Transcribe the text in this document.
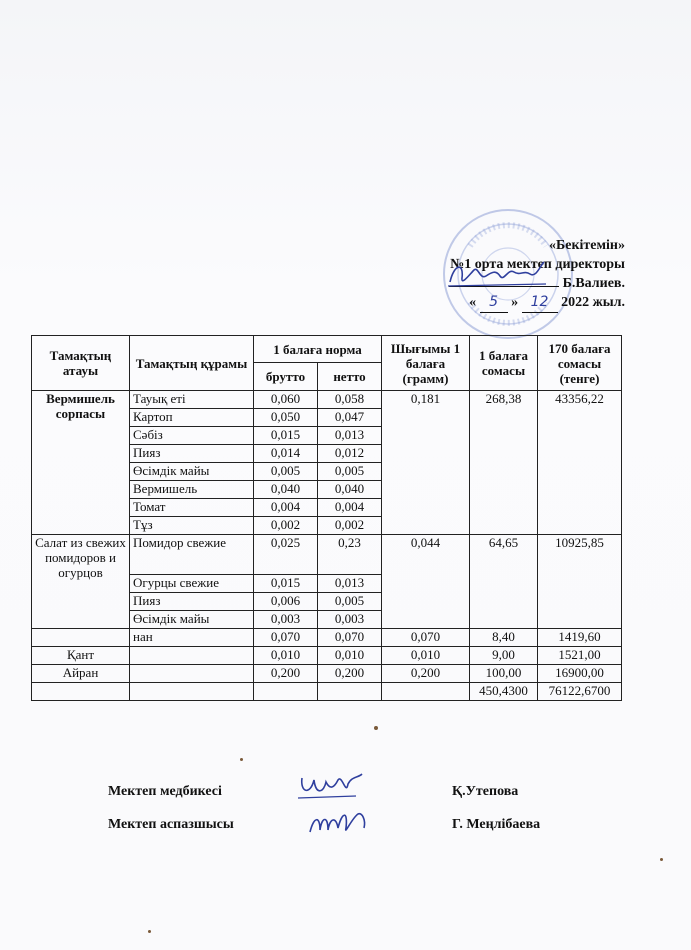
«Бекітемін»
№1 орта мектеп директоры
Б.Валиев.
« 5 » 12 2022 жыл.
Тамақтың атауы	Тамақтың құрамы	1 балаға норма		Шығымы 1 балаға (грамм)	1 балаға сомасы	170 балаға сомасы (тенге)
		брутто	нетто			
Вермишель сорпасы	Тауық еті	0,060	0,058	0,181	268,38	43356,22
	Картоп	0,050	0,047			
	Сәбіз	0,015	0,013			
	Пияз	0,014	0,012			
	Өсімдік майы	0,005	0,005			
	Вермишель	0,040	0,040			
	Томат	0,004	0,004			
	Тұз	0,002	0,002			
Салат из свежих помидоров и огурцов	Помидор свежие	0,025	0,23	0,044	64,65	10925,85
	Огурцы свежие	0,015	0,013			
	Пияз	0,006	0,005			
	Өсімдік майы	0,003	0,003			
	нан	0,070	0,070	0,070	8,40	1419,60
Қант		0,010	0,010	0,010	9,00	1521,00
Айран		0,200	0,200	0,200	100,00	16900,00
					450,4300	76122,6700
Мектеп медбикесі	Қ.Утепова
Мектеп аспазшысы	Г. Меңлібаева
